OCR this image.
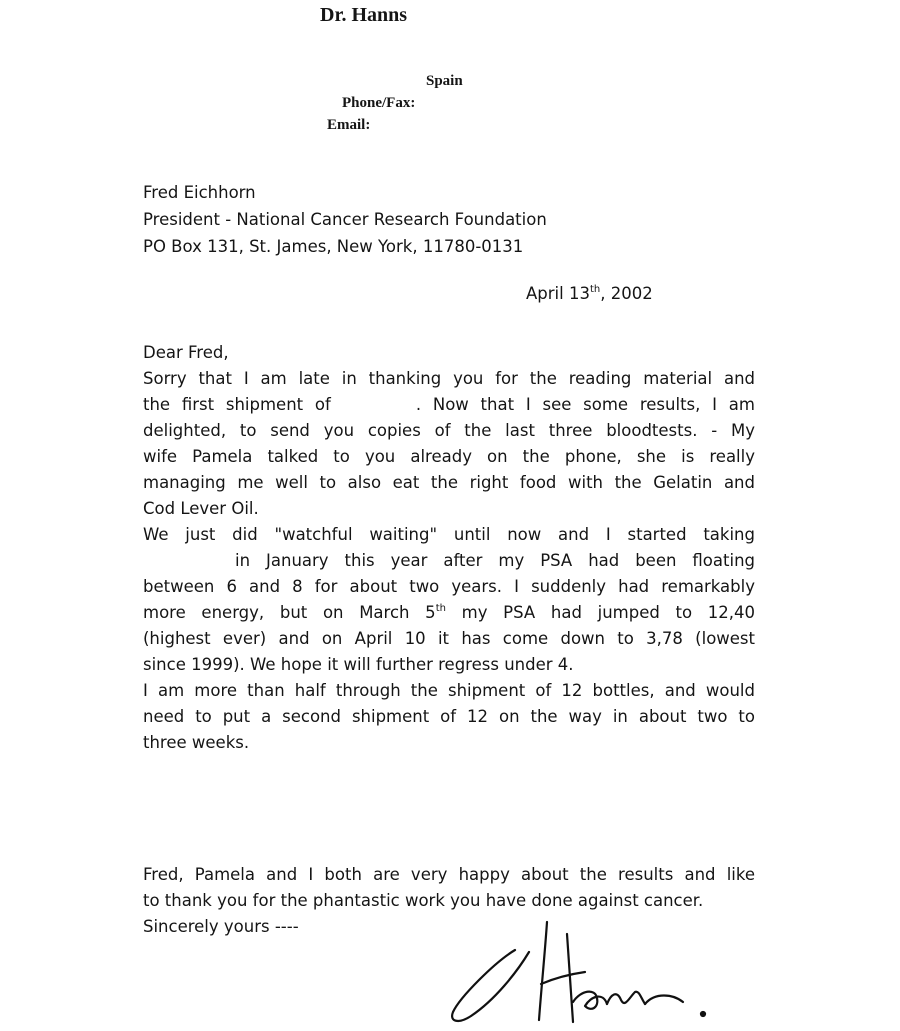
Dr. Hanns
Spain
Phone/Fax:
Email:
Fred Eichhorn
President - National Cancer Research Foundation
PO Box 131, St. James, New York, 11780-0131
April 13th, 2002
Dear Fred,
Sorry that I am late in thanking you for the reading material and
the first shipment of	. Now that I see some results, I am
delighted, to send you copies of the last three bloodtests. - My
wife Pamela talked to you already on the phone, she is really
managing me well to also eat the right food with the Gelatin and
Cod Lever Oil.
We just did "watchful waiting" until now and I started taking
in January this year after my PSA had been floating
between 6 and 8 for about two years. I suddenly had remarkably
more energy, but on March 5th my PSA had jumped to 12,40
(highest ever) and on April 10 it has come down to 3,78 (lowest
since 1999). We hope it will further regress under 4.
I am more than half through the shipment of 12 bottles, and would
need to put a second shipment of 12 on the way in about two to
three weeks.
Fred, Pamela and I both are very happy about the results and like
to thank you for the phantastic work you have done against cancer.
Sincerely yours ----
